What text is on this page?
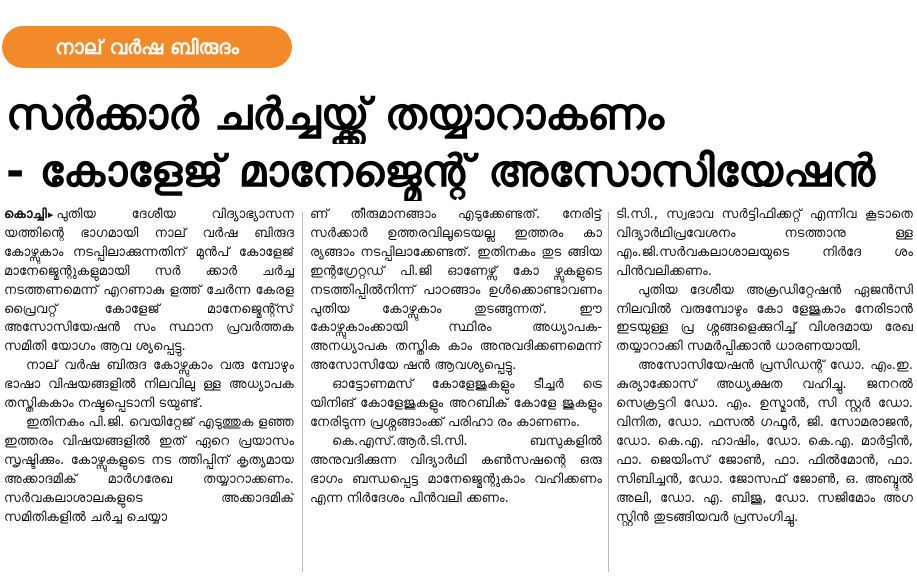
നാല് വർഷ ബിരുദം
സർക്കാർ ചർച്ചയ്ക്ക് തയ്യാറാകണം
- കോളേജ് മാനേജ്മെന്റ് അസോസിയേഷൻ

കൊച്ചി▸ പുതിയ ദേശീയ വിദ്യാഭ്യാസന യത്തിന്റെ ഭാഗമായി നാല് വർഷ ബിരുദ കോഴ്സുകാം നടപ്പിലാക്കുന്നതിന് മുൻപ് കോളേജ് മാനേജ്മെന്റുകളുമായി സർ ക്കാർ ചർച്ച നടത്തണമെന്ന് എറണാകു ളത്ത് ചേർന്ന കേരള പ്രൈവറ്റ് കോളേജ് മാനേജ്മെന്റ്സ് അസോസിയേഷൻ സം സ്ഥാന പ്രവർത്തക സമിതി യോഗം ആവ ശ്യപ്പെട്ടു.

നാല് വർഷ ബിരുദ കോഴ്സുകാം വരു മ്പോഴും ഭാഷാ വിഷയങ്ങളിൽ നിലവിലു ള്ള അധ്യാപക തസ്തികകാം നഷ്ടപ്പെടാനി ടയുണ്ട്.

ഇതിനകം പി.ജി. വെയിറ്റേജ് എടുത്തുക ളഞ്ഞ ഇത്തരം വിഷയങ്ങളിൽ ഇത് ഏറെ പ്രയാസം സൃഷ്ടിക്കും. കോഴ്സുകളുടെ നട ത്തിപ്പിന് കൃത്യമായ അക്കാദമിക് മാർഗരേഖ തയ്യാറാക്കണം. സർവകലാശാലകളുടെ അക്കാദമിക് സമിതികളിൽ ചർച്ച ചെയ്യാ

ണ് തീരുമാനങ്ങാം എടുക്കേണ്ടത്. നേരിട്ട് സർക്കാർ ഉത്തരവിലൂടെയല്ല ഇത്തരം കാ ര്യങ്ങാം നടപ്പിലാക്കേണ്ടത്. ഇതിനകം തുട ങ്ങിയ ഇന്റഗ്രേറ്റഡ് പി.ജി ഓണേഴ്സ് കോ ഴ്സുകളുടെ നടത്തിപ്പിൽനിന്ന് പാഠങ്ങാം ഉൾക്കൊണ്ടാവണം പുതിയ കോഴ്സുകാം തുടങ്ങുന്നത്. ഈ കോഴ്സുകാംക്കായി സ്ഥിരം അധ്യാപക-അനധ്യാപക തസ്തിക കാം അനുവദിക്കണമെന്ന് അസോസിയേ ഷൻ ആവശ്യപ്പെട്ടു.

ഓട്ടോണമസ് കോളേജുകളും ടീച്ചർ ട്രെ യിനിങ് കോളേജുകളും അറബിക് കോളേ ജുകളും നേരിടുന്ന പ്രശ്നങ്ങാംക്ക് പരിഹാ രം കാണണം.

കെ.എസ്.ആർ.ടി.സി. ബസുകളിൽ അനുവദിക്കുന്ന വിദ്യാർഥി കൺസഷന്റെ ഒരു ഭാഗം ബന്ധപ്പെട്ട മാനേജ്മെന്റുകാം വഹിക്കണം എന്ന നിർദേശം പിൻവലി ക്കണം.

ടി.സി., സ്വഭാവ സർട്ടിഫിക്കറ്റ് എന്നിവ കൂടാതെ വിദ്യാർഥിപ്രവേശനം നടത്താനു ള്ള എം.ജി.സർവകലാശാലയുടെ നിർദേ ശം പിൻവലിക്കണം.

പുതിയ ദേശീയ അക്രഡിറ്റേഷൻ ഏജൻസി നിലവിൽ വരുമ്പോഴും കോ ളേജുകാം നേരിടാൻ ഇടയുള്ള പ്ര ശ്നങ്ങളെക്കുറിച്ച് വിശദമായ രേഖ തയ്യാറാക്കി സമർപ്പിക്കാൻ ധാരണയായി.

അസോസിയേഷൻ പ്രസിഡന്റ് ഡോ. എം.ഇ. കുര്യാക്കോസ് അധ്യക്ഷത വഹിച്ചു. ജനറൽ സെക്രട്ടറി ഡോ. എം. ഉസ്മാൻ, സി സ്റ്റർ ഡോ. വിനിത, ഡോ. ഫസൽ ഗഫൂർ, ജി. സോമരാജൻ, ഡോ. കെ.എ. ഹാഷിം, ഡോ. കെ.എ. മാർട്ടിൻ, ഫാ. ജെയിംസ് ജോൺ, ഫാ. ഫിൽമോൻ, ഫാ. സിബിച്ചൻ, ഡോ. ജോസഫ് ജോൺ, ഒ. അബ്ദുൽ അലി, ഡോ. എ. ബിജു, ഡോ. സജിമോം അഗ സ്റ്റിൻ തുടങ്ങിയവർ പ്രസംഗിച്ചു.
